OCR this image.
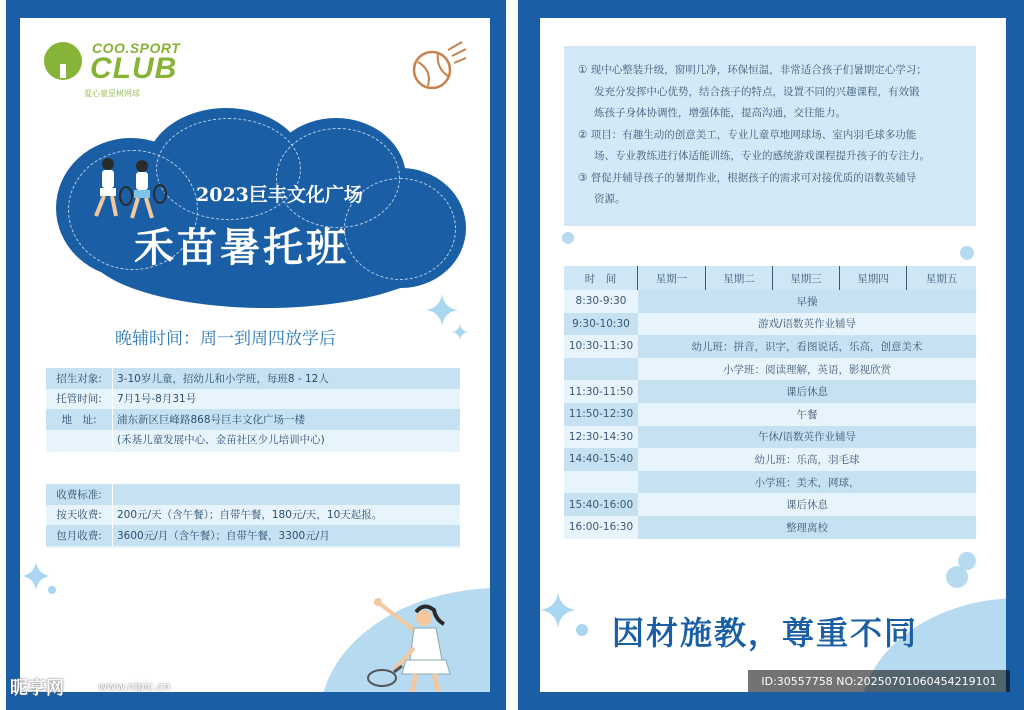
COO.SPORT
CLUB
爱心童星树网球
2023巨丰文化广场
禾苗暑托班
晚辅时间：周一到周四放学后
招生对象:	3-10岁儿童，招幼儿和小学班，每班8 - 12人
托管时间:	7月1号-8月31号
地　址:	浦东新区巨峰路868号巨丰文化广场一楼
(禾基儿童发展中心、金苗社区少儿培训中心)
收费标准:
按天收费:	200元/天（含午餐）；自带午餐，180元/天，10天起报。
包月收费:	3600元/月（含午餐）；自带午餐，3300元/月

① 现中心整装升级，窗明几净，环保恒温，非常适合孩子们暑期定心学习；

发充分发挥中心优势，结合孩子的特点，设置不同的兴趣课程，有效锻

炼孩子身体协调性，增强体能，提高沟通，交往能力。

② 项目：有趣生动的创意美工，专业儿童草地网球场、室内羽毛球多功能

场、专业教练进行体适能训练，专业的感统游戏课程提升孩子的专注力。

③ 督促并辅导孩子的暑期作业，根据孩子的需求可对接优质的语数英辅导

资源。

时　间	星期一	星期二	星期三	星期四	星期五
8:30-9:30	早操
9:30-10:30	游戏/语数英作业辅导
10:30-11:30	幼儿班：拼音，识字，看图说话，乐高，创意美术
小学班：阅读理解，英语，影视欣赏
11:30-11:50	课后休息
11:50-12:30	午餐
12:30-14:30	午休/语数英作业辅导
14:40-15:40	幼儿班：乐高，羽毛球
小学班：美术，网球，
15:40-16:00	课后休息
16:00-16:30	整理离校
因材施教，尊重不同
昵享网	www.nipic.cn	ID:30557758 NO:20250701060454219101
